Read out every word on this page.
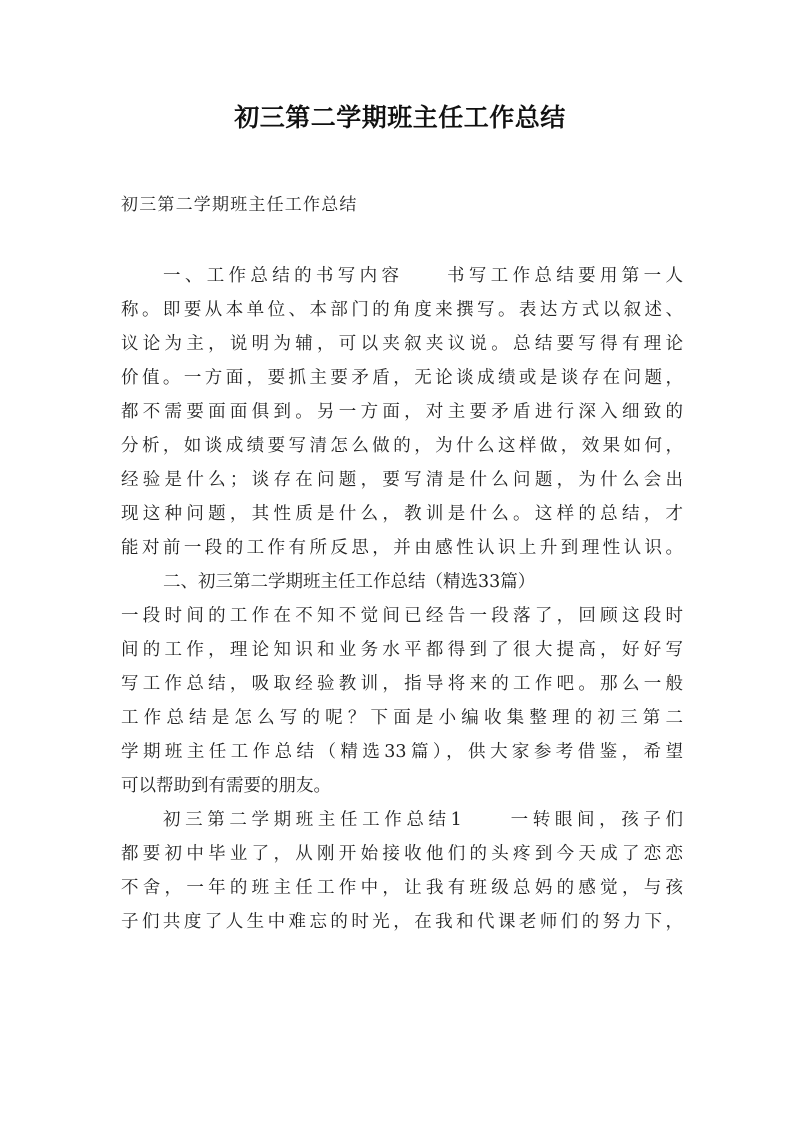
初三第二学期班主任工作总结
初三第二学期班主任工作总结
一、工作总结的书写内容　　书写工作总结要用第一人
称。即要从本单位、本部门的角度来撰写。表达方式以叙述、
议论为主，说明为辅，可以夹叙夹议说。总结要写得有理论
价值。一方面，要抓主要矛盾，无论谈成绩或是谈存在问题，
都不需要面面俱到。另一方面，对主要矛盾进行深入细致的
分析，如谈成绩要写清怎么做的，为什么这样做，效果如何，
经验是什么；谈存在问题，要写清是什么问题，为什么会出
现这种问题，其性质是什么，教训是什么。这样的总结，才
能对前一段的工作有所反思，并由感性认识上升到理性认识。
二、初三第二学期班主任工作总结（精选33篇）
一段时间的工作在不知不觉间已经告一段落了，回顾这段时
间的工作，理论知识和业务水平都得到了很大提高，好好写
写工作总结，吸取经验教训，指导将来的工作吧。那么一般
工作总结是怎么写的呢？下面是小编收集整理的初三第二
学期班主任工作总结（精选33篇），供大家参考借鉴，希望
可以帮助到有需要的朋友。
初三第二学期班主任工作总结1　　一转眼间，孩子们
都要初中毕业了，从刚开始接收他们的头疼到今天成了恋恋
不舍，一年的班主任工作中，让我有班级总妈的感觉，与孩
子们共度了人生中难忘的时光，在我和代课老师们的努力下，
